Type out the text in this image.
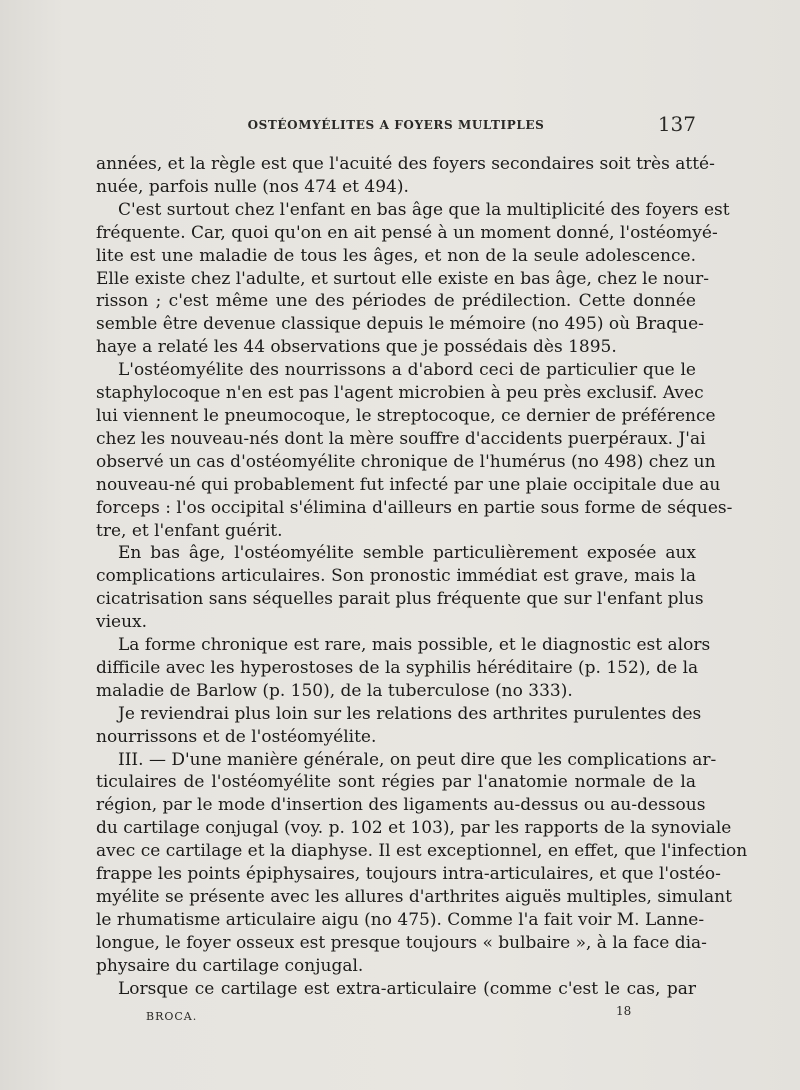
OSTÉOMYÉLITES A FOYERS MULTIPLES	137
années, et la règle est que l'acuité des foyers secondaires soit très atté-
nuée, parfois nulle (nos 474 et 494).
C'est surtout chez l'enfant en bas âge que la multiplicité des foyers est
fréquente. Car, quoi qu'on en ait pensé à un moment donné, l'ostéomyé-
lite est une maladie de tous les âges, et non de la seule adolescence.
Elle existe chez l'adulte, et surtout elle existe en bas âge, chez le nour-
risson ; c'est même une des périodes de prédilection. Cette donnée
semble être devenue classique depuis le mémoire (no 495) où Braque-
haye a relaté les 44 observations que je possédais dès 1895.
L'ostéomyélite des nourrissons a d'abord ceci de particulier que le
staphylocoque n'en est pas l'agent microbien à peu près exclusif. Avec
lui viennent le pneumocoque, le streptocoque, ce dernier de préférence
chez les nouveau-nés dont la mère souffre d'accidents puerpéraux. J'ai
observé un cas d'ostéomyélite chronique de l'humérus (no 498) chez un
nouveau-né qui probablement fut infecté par une plaie occipitale due au
forceps : l'os occipital s'élimina d'ailleurs en partie sous forme de séques-
tre, et l'enfant guérit.
En bas âge, l'ostéomyélite semble particulièrement exposée aux
complications articulaires. Son pronostic immédiat est grave, mais la
cicatrisation sans séquelles parait plus fréquente que sur l'enfant plus
vieux.
La forme chronique est rare, mais possible, et le diagnostic est alors
difficile avec les hyperostoses de la syphilis héréditaire (p. 152), de la
maladie de Barlow (p. 150), de la tuberculose (no 333).
Je reviendrai plus loin sur les relations des arthrites purulentes des
nourrissons et de l'ostéomyélite.
III. — D'une manière générale, on peut dire que les complications ar-
ticulaires de l'ostéomyélite sont régies par l'anatomie normale de la
région, par le mode d'insertion des ligaments au-dessus ou au-dessous
du cartilage conjugal (voy. p. 102 et 103), par les rapports de la synoviale
avec ce cartilage et la diaphyse. Il est exceptionnel, en effet, que l'infection
frappe les points épiphysaires, toujours intra-articulaires, et que l'ostéo-
myélite se présente avec les allures d'arthrites aiguës multiples, simulant
le rhumatisme articulaire aigu (no 475). Comme l'a fait voir M. Lanne-
longue, le foyer osseux est presque toujours « bulbaire », à la face dia-
physaire du cartilage conjugal.
Lorsque ce cartilage est extra-articulaire (comme c'est le cas, par
BROCA.	18
